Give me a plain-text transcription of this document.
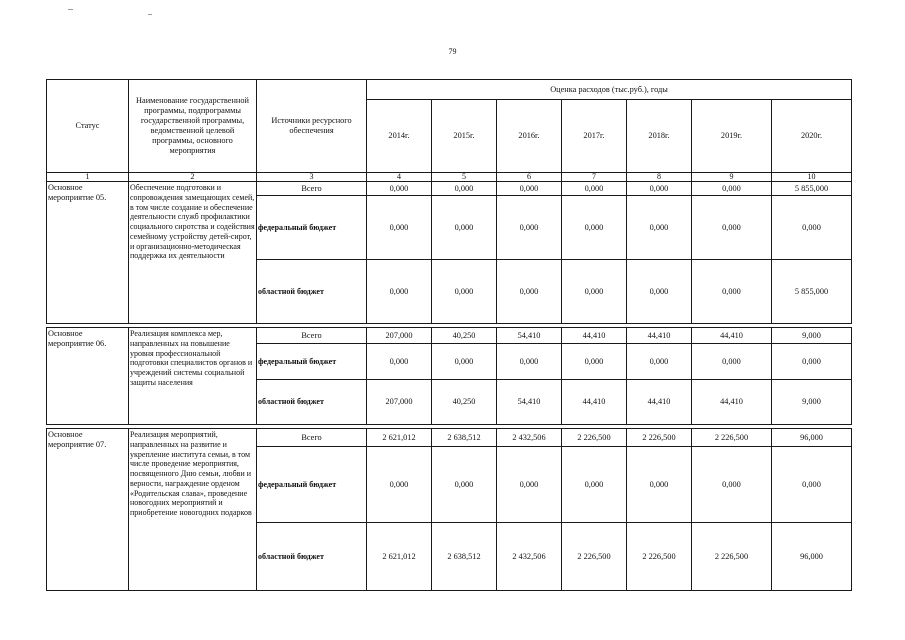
79
Статус	Наименование государственной программы, подпрограммы государственной программы, ведомственной целевой программы, основного мероприятия	Источники ресурсного обеспечения	Оценка расходов (тыс.руб.), годы						
			2014г.	2015г.	2016г.	2017г.	2018г.	2019г.	2020г.
1	2	3	4	5	6	7	8	9	10
Основное мероприятие 05.	Обеспечение подготовки и сопровождения замещающих семей, в том числе создание и обеспечение деятельности служб профилактики социального сиротства и содействия семейному устройству детей-сирот, и организационно-методическая поддержка их деятельности	Всего	0,000	0,000	0,000	0,000	0,000	0,000	5 855,000
		федеральный бюджет	0,000	0,000	0,000	0,000	0,000	0,000	0,000
		областной бюджет	0,000	0,000	0,000	0,000	0,000	0,000	5 855,000

Основное мероприятие 06.	Реализация комплекса мер, направленных на повышение уровня профессиональной подготовки специалистов органов и учреждений системы социальной защиты населения	Всего	207,000	40,250	54,410	44,410	44,410	44,410	9,000
		федеральный бюджет	0,000	0,000	0,000	0,000	0,000	0,000	0,000
		областной бюджет	207,000	40,250	54,410	44,410	44,410	44,410	9,000

Основное мероприятие 07.	Реализация мероприятий, направленных на развитие и укрепление института семьи, в том числе проведение мероприятия, посвященного Дню семьи, любви и верности, награждение орденом «Родительская слава», проведение новогодних мероприятий и приобретение новогодних подарков	Всего	2 621,012	2 638,512	2 432,506	2 226,500	2 226,500	2 226,500	96,000
		федеральный бюджет	0,000	0,000	0,000	0,000	0,000	0,000	0,000
		областной бюджет	2 621,012	2 638,512	2 432,506	2 226,500	2 226,500	2 226,500	96,000
